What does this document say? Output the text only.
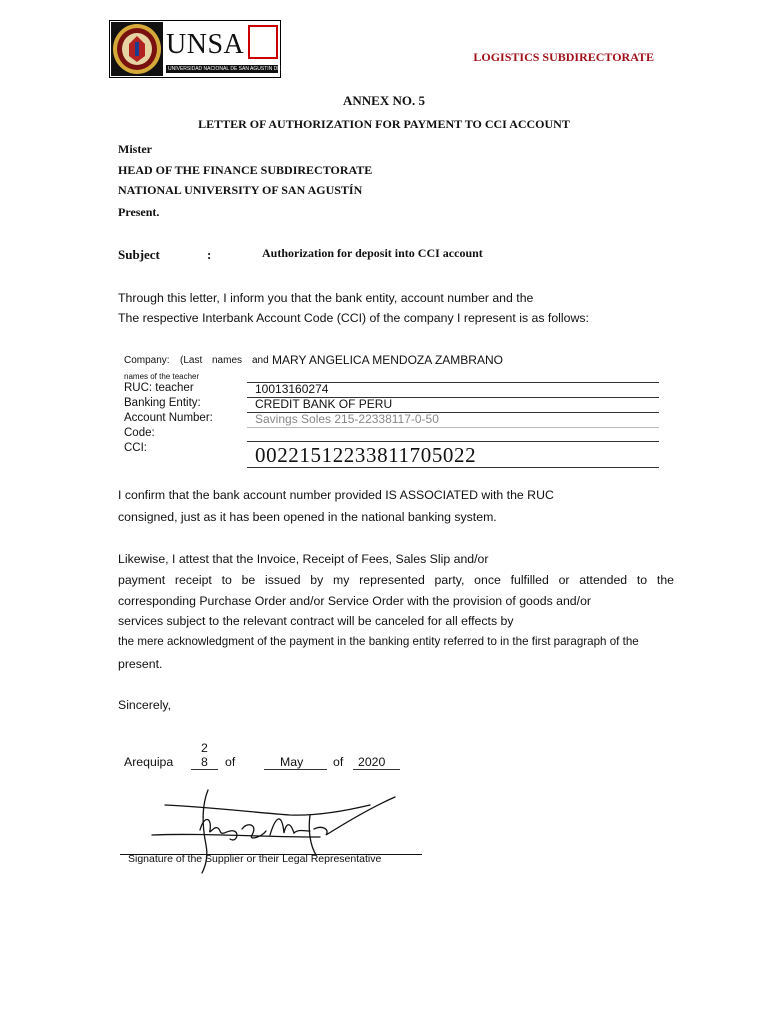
UNSA
UNIVERSIDAD NACIONAL DE SAN AGUSTIN DE AREQUIPA
LOGISTICS SUBDIRECTORATE
ANNEX NO. 5
LETTER OF AUTHORIZATION FOR PAYMENT TO CCI ACCOUNT
Mister
HEAD OF THE FINANCE SUBDIRECTORATE
NATIONAL UNIVERSITY OF SAN AGUSTÍN
Present.
Subject	:	Authorization for deposit into CCI account
Through this letter, I inform you that the bank entity, account number and the
The respective Interbank Account Code (CCI) of the company I represent is as follows:
Company: (Last names and MARY ANGELICA MENDOZA ZAMBRANO
names of the teacher
RUC: teacher	10013160274
Banking Entity:	CREDIT BANK OF PERU
Account Number:	Savings Soles 215-22338117-0-50
Code:
CCI:	00221512233811705022
I confirm that the bank account number provided IS ASSOCIATED with the RUC
consigned, just as it has been opened in the national banking system.
Likewise, I attest that the Invoice, Receipt of Fees, Sales Slip and/or
payment receipt to be issued by my represented party, once fulfilled or attended to the
corresponding Purchase Order and/or Service Order with the provision of goods and/or
services subject to the relevant contract will be canceled for all effects by
the mere acknowledgment of the payment in the banking entity referred to in the first paragraph of the
present.
Sincerely,
Arequipa
2
8 of	May of 2020
Signature of the Supplier or their Legal Representative
